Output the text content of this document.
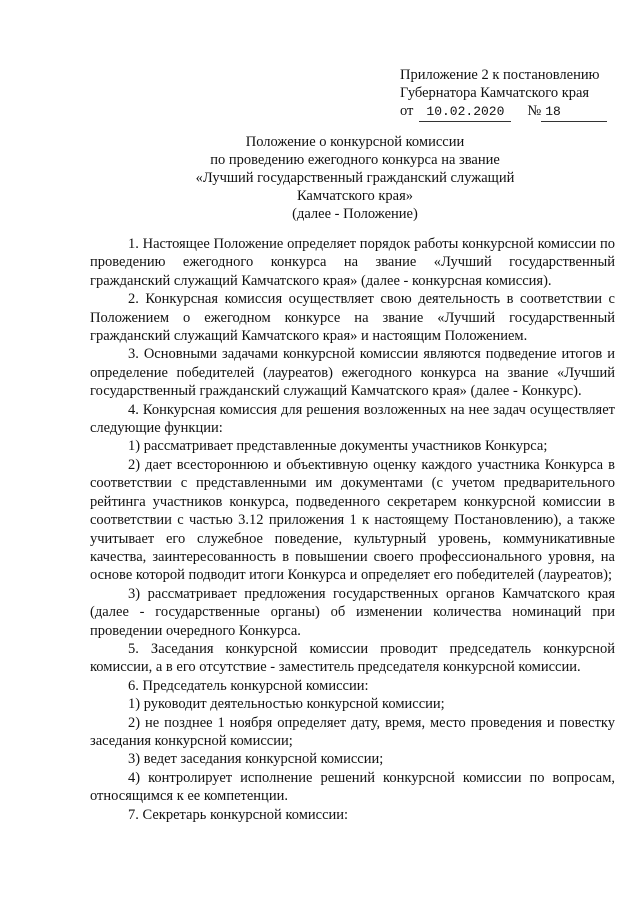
Приложение 2 к постановлению
Губернатора Камчатского края
от 10.02.2020 № 18
Положение о конкурсной комиссии
по проведению ежегодного конкурса на звание
«Лучший государственный гражданский служащий
Камчатского края»
(далее - Положение)

1. Настоящее Положение определяет порядок работы конкурсной комиссии по проведению ежегодного конкурса на звание «Лучший государственный гражданский служащий Камчатского края» (далее - конкурсная комиссия).

2. Конкурсная комиссия осуществляет свою деятельность в соответствии с Положением о ежегодном конкурсе на звание «Лучший государственный гражданский служащий Камчатского края» и настоящим Положением.

3. Основными задачами конкурсной комиссии являются подведение итогов и определение победителей (лауреатов) ежегодного конкурса на звание «Лучший государственный гражданский служащий Камчатского края» (далее - Конкурс).

4. Конкурсная комиссия для решения возложенных на нее задач осуществляет следующие функции:

1) рассматривает представленные документы участников Конкурса;

2) дает всестороннюю и объективную оценку каждого участника Конкурса в соответствии с представленными им документами (с учетом предварительного рейтинга участников конкурса, подведенного секретарем конкурсной комиссии в соответствии с частью 3.12 приложения 1 к настоящему Постановлению), а также учитывает его служебное поведение, культурный уровень, коммуникативные качества, заинтересованность в повышении своего профессионального уровня, на основе которой подводит итоги Конкурса и определяет его победителей (лауреатов);

3) рассматривает предложения государственных органов Камчатского края (далее - государственные органы) об изменении количества номинаций при проведении очередного Конкурса.

5. Заседания конкурсной комиссии проводит председатель конкурсной комиссии, а в его отсутствие - заместитель председателя конкурсной комиссии.

6. Председатель конкурсной комиссии:

1) руководит деятельностью конкурсной комиссии;

2) не позднее 1 ноября определяет дату, время, место проведения и повестку заседания конкурсной комиссии;

3) ведет заседания конкурсной комиссии;

4) контролирует исполнение решений конкурсной комиссии по вопросам, относящимся к ее компетенции.

7. Секретарь конкурсной комиссии:
